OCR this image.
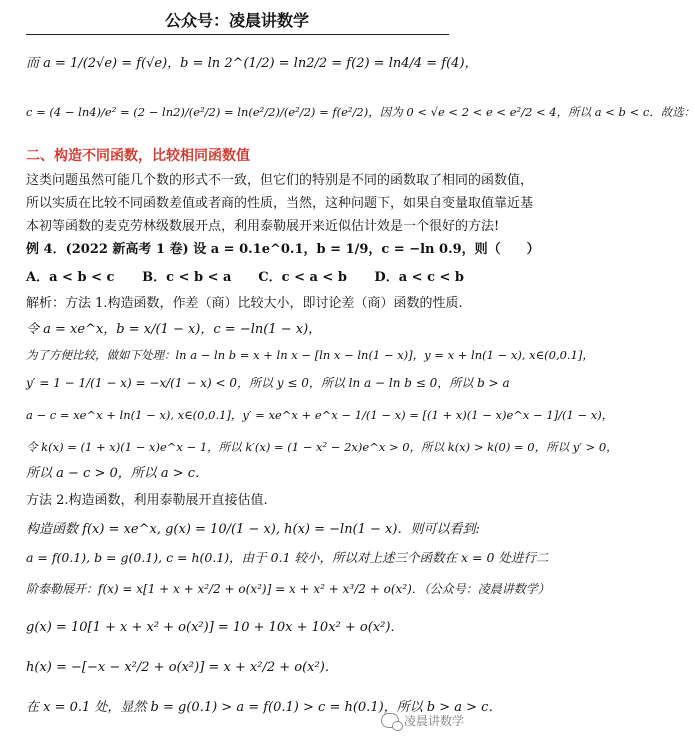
公众号：凌晨讲数学
而 a = 1/(2√e) = f(√e)，b = ln 2^(1/2) = ln2/2 = f(2) = ln4/4 = f(4)，
c = (4 − ln4)/e² = (2 − ln2)/(e²/2) = ln(e²/2)/(e²/2) = f(e²/2)，因为 0 < √e < 2 < e < e²/2 < 4，所以 a < b < c．故选：
二、构造不同函数，比较相同函数值
这类问题虽然可能几个数的形式不一致，但它们的特别是不同的函数取了相同的函数值，
所以实质在比较不同函数差值或者商的性质，当然，这种问题下，如果自变量取值靠近基
本初等函数的麦克劳林级数展开点，利用泰勒展开来近似估计效是一个很好的方法!
例 4．(2022 新高考 1 卷) 设 a = 0.1e^0.1，b = 1/9，c = −ln 0.9，则（　　）
A．a < b < c B．c < b < a C．c < a < b D．a < c < b
解析：方法 1.构造函数，作差（商）比较大小，即讨论差（商）函数的性质.
令 a = xe^x，b = x/(1 − x)，c = −ln(1 − x)，
为了方便比较，做如下处理：ln a − ln b = x + ln x − [ln x − ln(1 − x)]，y = x + ln(1 − x), x∈(0,0.1]，
y′ = 1 − 1/(1 − x) = −x/(1 − x) < 0，所以 y ≤ 0，所以 ln a − ln b ≤ 0，所以 b > a
a − c = xe^x + ln(1 − x), x∈(0,0.1]，y′ = xe^x + e^x − 1/(1 − x) = [(1 + x)(1 − x)e^x − 1]/(1 − x)，
令 k(x) = (1 + x)(1 − x)e^x − 1，所以 k′(x) = (1 − x² − 2x)e^x > 0，所以 k(x) > k(0) = 0，所以 y′ > 0，
所以 a − c > 0，所以 a > c．
方法 2.构造函数，利用泰勒展开直接估值.
构造函数 f(x) = xe^x, g(x) = 10/(1 − x), h(x) = −ln(1 − x)．则可以看到:
a = f(0.1), b = g(0.1), c = h(0.1)，由于 0.1 较小，所以对上述三个函数在 x = 0 处进行二
阶泰勒展开：f(x) = x[1 + x + x²/2 + o(x²)] = x + x² + x³/2 + o(x²)．（公众号：凌晨讲数学）
g(x) = 10[1 + x + x² + o(x²)] = 10 + 10x + 10x² + o(x²)．
h(x) = −[−x − x²/2 + o(x²)] = x + x²/2 + o(x²)．
在 x = 0.1 处，显然 b = g(0.1) > a = f(0.1) > c = h(0.1)，所以 b > a > c．
凌晨讲数学
